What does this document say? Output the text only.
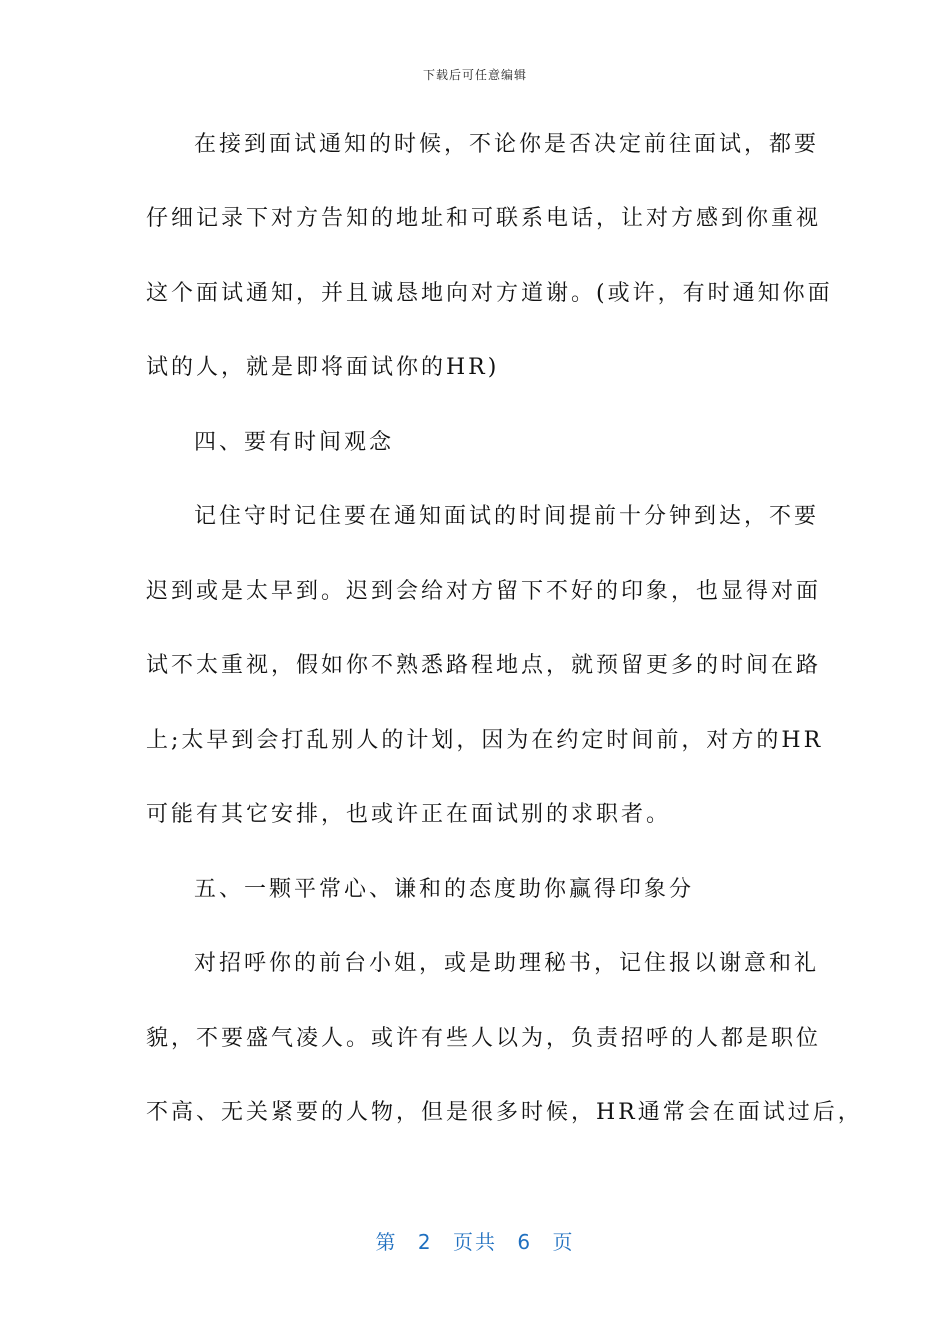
下载后可任意编辑
在接到面试通知的时候，不论你是否决定前往面试，都要
仔细记录下对方告知的地址和可联系电话，让对方感到你重视
这个面试通知，并且诚恳地向对方道谢。(或许，有时通知你面
试的人，就是即将面试你的HR)
四、要有时间观念
记住守时记住要在通知面试的时间提前十分钟到达，不要
迟到或是太早到。迟到会给对方留下不好的印象，也显得对面
试不太重视，假如你不熟悉路程地点，就预留更多的时间在路
上;太早到会打乱别人的计划，因为在约定时间前，对方的HR
可能有其它安排，也或许正在面试别的求职者。
五、一颗平常心、谦和的态度助你赢得印象分
对招呼你的前台小姐，或是助理秘书，记住报以谢意和礼
貌，不要盛气凌人。或许有些人以为，负责招呼的人都是职位
不高、无关紧要的人物，但是很多时候，HR通常会在面试过后，
第 2 页共 6 页
